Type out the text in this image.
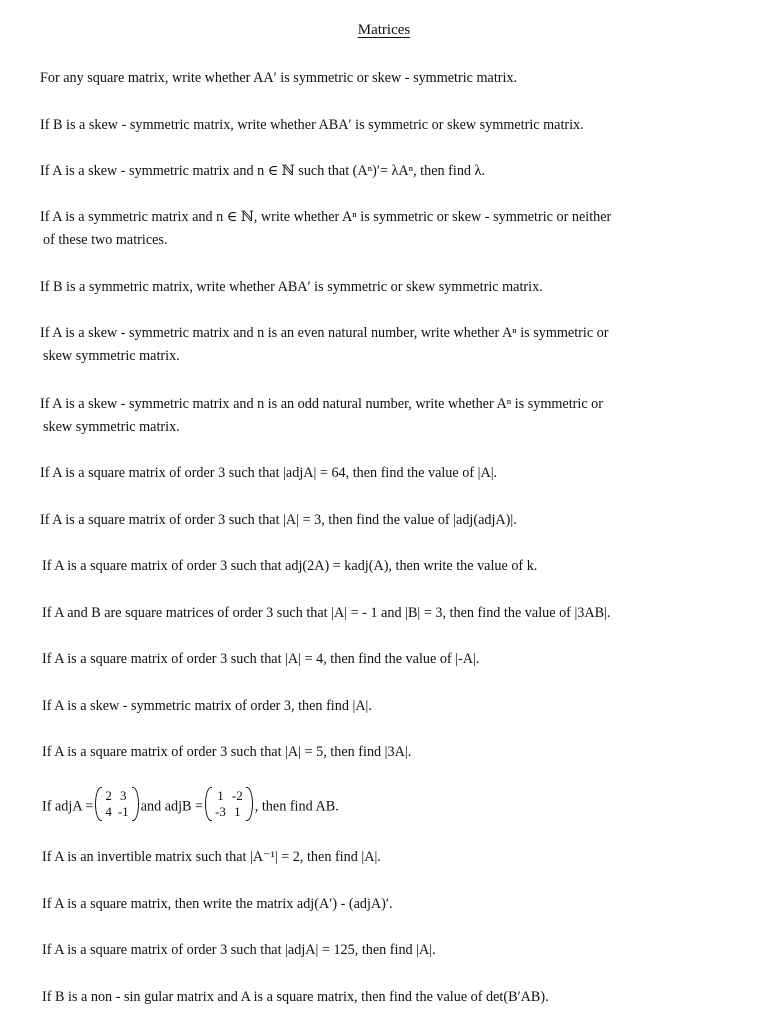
Matrices
For any square matrix, write whether AA′ is symmetric or skew - symmetric matrix.
If B is a skew - symmetric matrix, write whether ABA′ is symmetric or skew symmetric matrix.
If A is a skew - symmetric matrix and n ∈ ℕ such that (Aⁿ)′= λAⁿ, then find λ.
If A is a symmetric matrix and n ∈ ℕ, write whether Aⁿ is symmetric or skew - symmetric or neither
of these two matrices.
If B is a symmetric matrix, write whether ABA′ is symmetric or skew symmetric matrix.
If A is a skew - symmetric matrix and n is an even natural number, write whether Aⁿ is symmetric or
skew symmetric matrix.
If A is a skew - symmetric matrix and n is an odd natural number, write whether Aⁿ is symmetric or
skew symmetric matrix.
If A is a square matrix of order 3 such that |adjA| = 64, then find the value of |A|.
If A is a square matrix of order 3 such that |A| = 3, then find the value of |adj(adjA)|.
If A is a square matrix of order 3 such that adj(2A) = kadj(A), then write the value of k.
If A and B are square matrices of order 3 such that |A| = - 1 and |B| = 3, then find the value of |3AB|.
If A is a square matrix of order 3 such that |A| = 4, then find the value of |-A|.
If A is a skew - symmetric matrix of order 3, then find |A|.
If A is a square matrix of order 3 such that |A| = 5, then find |3A|.
If adjA =
2	3
4	-1 and adjB =
1	-2
-3	1 , then find AB.
If A is an invertible matrix such that |A⁻¹| = 2, then find |A|.
If A is a square matrix, then write the matrix adj(A′) - (adjA)′.
If A is a square matrix of order 3 such that |adjA| = 125, then find |A|.
If B is a non - sin gular matrix and A is a square matrix, then find the value of det(B′AB).
